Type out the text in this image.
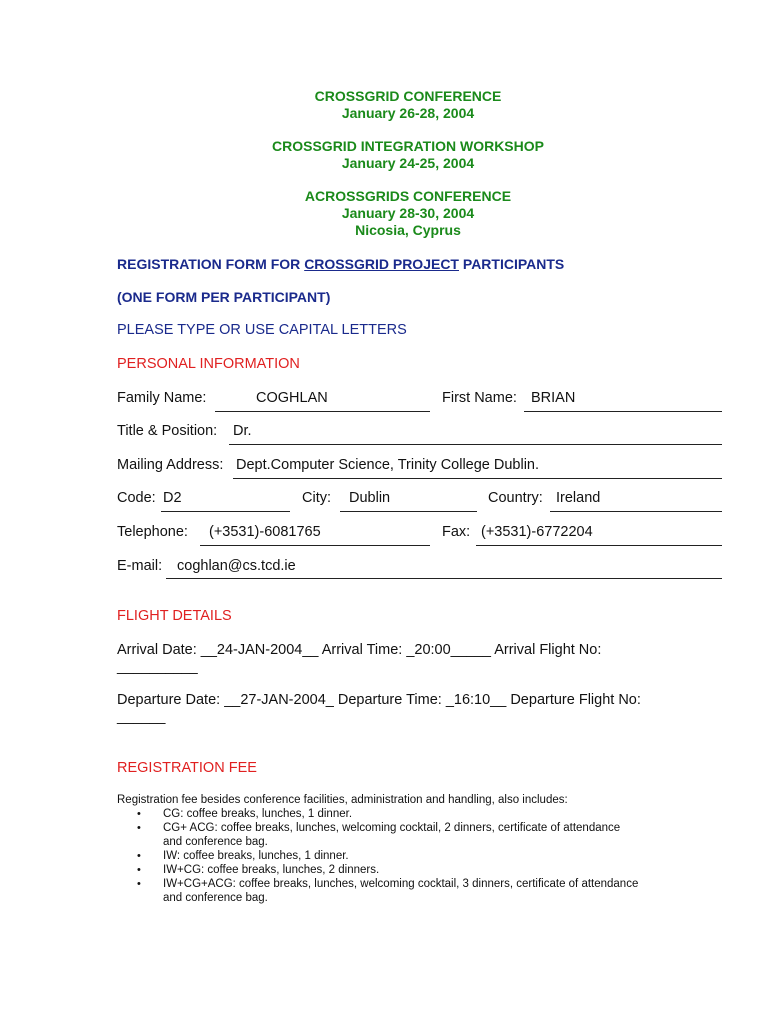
CROSSGRID CONFERENCE
January 26-28, 2004
CROSSGRID INTEGRATION WORKSHOP
January 24-25, 2004
ACROSSGRIDS CONFERENCE
January 28-30, 2004
Nicosia, Cyprus
REGISTRATION FORM FOR CROSSGRID PROJECT PARTICIPANTS
(ONE FORM PER PARTICIPANT)
PLEASE TYPE OR USE CAPITAL LETTERS
PERSONAL INFORMATION
Family Name:	COGHLAN	First Name: BRIAN
Title & Position: Dr.
Mailing Address: Dept.Computer Science, Trinity College Dublin.
Code: D2	City: Dublin	Country: Ireland
Telephone: (+3531)-6081765	Fax: (+3531)-6772204
E-mail: coghlan@cs.tcd.ie
FLIGHT DETAILS
Arrival Date: __24-JAN-2004__ Arrival Time: _20:00_____ Arrival Flight No:
__________
Departure Date: __27-JAN-2004_ Departure Time: _16:10__ Departure Flight No:
______
REGISTRATION FEE
Registration fee besides conference facilities, administration and handling, also includes:
• CG: coffee breaks, lunches, 1 dinner.
• CG+ ACG: coffee breaks, lunches, welcoming cocktail, 2 dinners, certificate of attendance
and conference bag.
• IW: coffee breaks, lunches, 1 dinner.
• IW+CG: coffee breaks, lunches, 2 dinners.
• IW+CG+ACG: coffee breaks, lunches, welcoming cocktail, 3 dinners, certificate of attendance
and conference bag.
